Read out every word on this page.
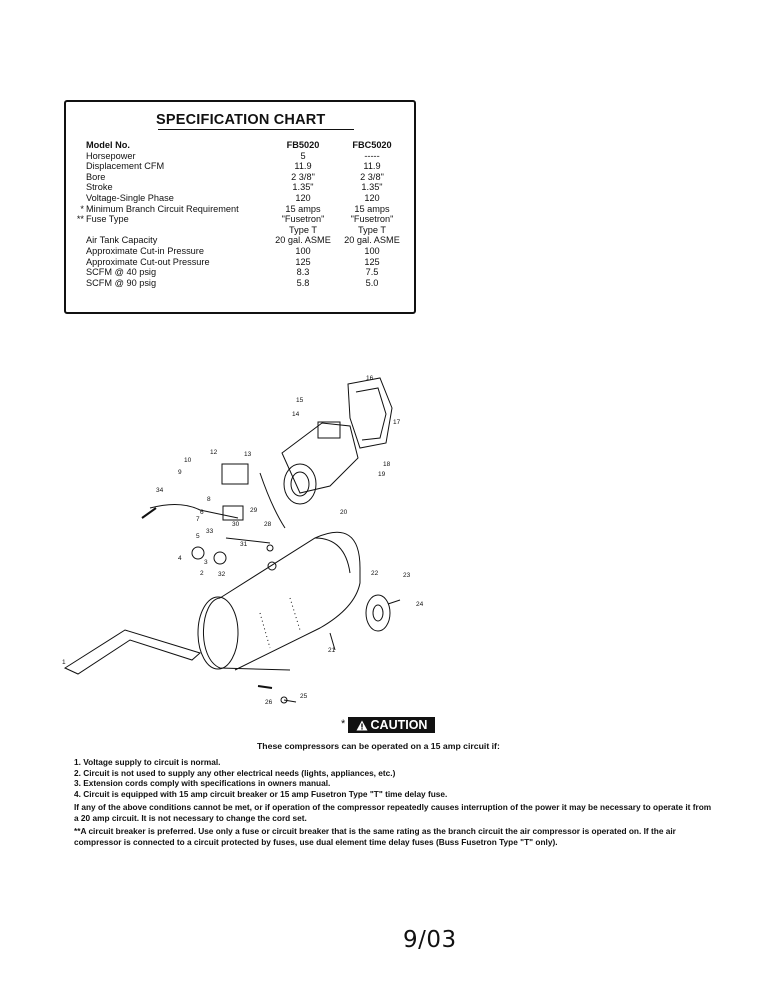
SPECIFICATION CHART
	Model No.	FB5020	FBC5020
	Horsepower	5	-----
	Displacement CFM	11.9	11.9
	Bore	2 3/8"	2 3/8"
	Stroke	1.35"	1.35"
	Voltage-Single Phase	120	120
*	Minimum Branch Circuit Requirement	15 amps	15 amps
**	Fuse Type	"Fusetron"	"Fusetron"
		Type T	Type T
	Air Tank Capacity	20 gal. ASME	20 gal. ASME
	Approximate Cut-in Pressure	100	100
	Approximate Cut-out Pressure	125	125
	SCFM @ 40 psig	8.3	7.5
	SCFM @ 90 psig	5.8	5.0
1
2
3
4
5
6
7
8
9
10
12	13
14
15
16
17
18
19
20
21
22	23
24
25
26
28
29
30
31
32
33
34
* CAUTION
These compressors can be operated on a 15 amp circuit if:
1. Voltage supply to circuit is normal.
2. Circuit is not used to supply any other electrical needs (lights, appliances, etc.)
3. Extension cords comply with specifications in owners manual.
4. Circuit is equipped with 15 amp circuit breaker or 15 amp Fusetron Type "T" time delay fuse.
If any of the above conditions cannot be met, or if operation of the compressor repeatedly causes interruption of the power it may be necessary to operate it from a 20 amp circuit. It is not necessary to change the cord set.
**A circuit breaker is preferred. Use only a fuse or circuit breaker that is the same rating as the branch circuit the air compressor is operated on. If the air compressor is connected to a circuit protected by fuses, use dual element time delay fuses (Buss Fusetron Type "T" only).
9/03
